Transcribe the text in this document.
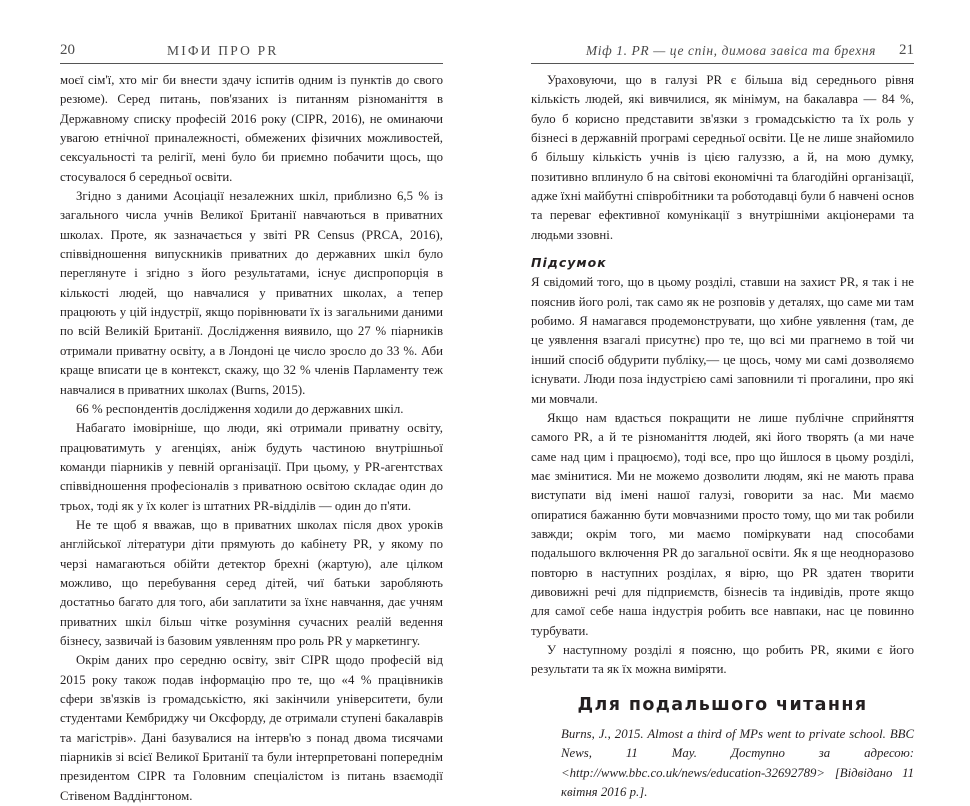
20	МІФИ ПРО PR

моєї сім'ї, хто міг би внести здачу іспитів одним із пунктів до свого резюме). Серед питань, пов'язаних із питанням різноманіття в Державному списку професій 2016 року (CIPR, 2016), не оминаючи увагою етнічної приналежності, обмежених фізичних можливостей, сексуальності та релігії, мені було би приємно побачити щось, що стосувалося б середньої освіти.

Згідно з даними Асоціації незалежних шкіл, приблизно 6,5 % із загального числа учнів Великої Британії навчаються в приватних школах. Проте, як зазначається у звіті PR Census (PRCA, 2016), співвідношення випускників приватних до державних шкіл було переглянуте і згідно з його результатами, існує диспропорція в кількості людей, що навчалися у приватних школах, а тепер працюють у цій індустрії, якщо порівнювати їх із загальними даними по всій Великій Британії. Дослідження виявило, що 27 % піарників отримали приватну освіту, а в Лондоні це число зросло до 33 %. Аби краще вписати це в контекст, скажу, що 32 % членів Парламенту теж навчалися в приватних школах (Burns, 2015).

66 % респондентів дослідження ходили до державних шкіл.

Набагато імовірніше, що люди, які отримали приватну освіту, працюватимуть у агенціях, аніж будуть частиною внутрішньої команди піарників у певній організації. При цьому, у PR-агентствах співвідношення професіоналів з приватною освітою складає один до трьох, тоді як у їх колег із штатних PR-відділів — один до п'яти.

Не те щоб я вважав, що в приватних школах після двох уроків англійської літератури діти прямують до кабінету PR, у якому по черзі намагаються обійти детектор брехні (жартую), але цілком можливо, що перебування серед дітей, чиї батьки заробляють достатньо багато для того, аби заплатити за їхнє навчання, дає учням приватних шкіл більш чітке розуміння сучасних реалій ведення бізнесу, зазвичай із базовим уявленням про роль PR у маркетингу.

Окрім даних про середню освіту, звіт CIPR щодо професій від 2015 року також подав інформацію про те, що «4 % працівників сфери зв'язків із громадськістю, які закінчили університети, були студентами Кембриджу чи Оксфорду, де отримали ступені бакалаврів та магістрів». Дані базувалися на інтерв'ю з понад двома тисячами піарників зі всієї Великої Британії та були інтерпретовані попереднім президентом CIPR та Головним спеціалістом із питань взаємодії Стівеном Ваддінгтоном.

Міф 1. PR — це спін, димова завіса та брехня 21

Ураховуючи, що в галузі PR є більша від середнього рівня кількість людей, які вивчилися, як мінімум, на бакалавра — 84 %, було б корисно представити зв'язки з громадськістю та їх роль у бізнесі в державній програмі середньої освіти. Це не лише знайомило б більшу кількість учнів із цією галуззю, а й, на мою думку, позитивно вплинуло б на світові економічні та благодійні організації, адже їхні майбутні співробітники та роботодавці були б навчені основ та переваг ефективної комунікації з внутрішніми акціонерами та людьми ззовні.

Підсумок

Я свідомий того, що в цьому розділі, ставши на захист PR, я так і не пояснив його ролі, так само як не розповів у деталях, що саме ми там робимо. Я намагався продемонструвати, що хибне уявлення (там, де це уявлення взагалі присутнє) про те, що всі ми прагнемо в той чи інший спосіб обдурити публіку,— це щось, чому ми самі дозволяємо існувати. Люди поза індустрією самі заповнили ті прогалини, про які ми мовчали.

Якщо нам вдасться покращити не лише публічне сприйняття самого PR, а й те різноманіття людей, які його творять (а ми наче саме над цим і працюємо), тоді все, про що йшлося в цьому розділі, має змінитися. Ми не можемо дозволити людям, які не мають права виступати від імені нашої галузі, говорити за нас. Ми маємо опиратися бажанню бути мовчазними просто тому, що ми так робили завжди; окрім того, ми маємо поміркувати над способами подальшого включення PR до загальної освіти. Як я ще неодноразово повторю в наступних розділах, я вірю, що PR здатен творити дивовижні речі для підприємств, бізнесів та індивідів, проте якщо для самої себе наша індустрія робить все навпаки, нас це повинно турбувати.

У наступному розділі я поясню, що робить PR, якими є його результати та як їх можна виміряти.

Для подальшого читання

Burns, J., 2015. Almost a third of MPs went to private school. BBC News, 11 May. Доступно за адресою: <http://www.bbc.co.uk/news/education-32692789> [Відвідано 11 квітня 2016 р.].
